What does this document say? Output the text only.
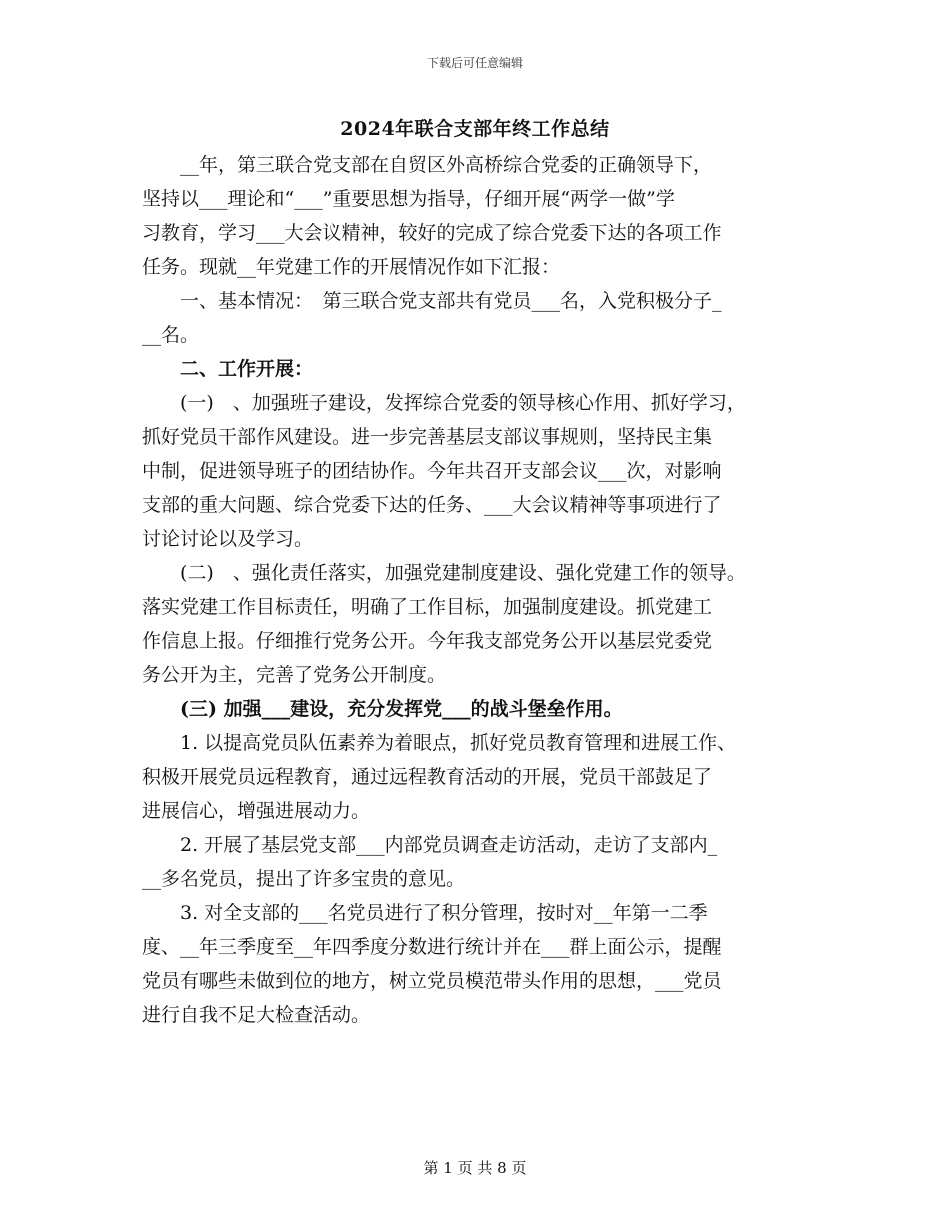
下载后可任意编辑
2024年联合支部年终工作总结
　　__年，第三联合党支部在自贸区外高桥综合党委的正确领导下，
坚持以___理论和“___”重要思想为指导，仔细开展“两学一做”学
习教育，学习___大会议精神，较好的完成了综合党委下达的各项工作
任务。现就__年党建工作的开展情况作如下汇报：
　　一、基本情况：　第三联合党支部共有党员___名，入党积极分子_
__名。
　　二、工作开展：
　　(一)　、加强班子建设，发挥综合党委的领导核心作用、抓好学习，
抓好党员干部作风建设。进一步完善基层支部议事规则，坚持民主集
中制，促进领导班子的团结协作。今年共召开支部会议___次，对影响
支部的重大问题、综合党委下达的任务、___大会议精神等事项进行了
讨论讨论以及学习。
　　(二)　、强化责任落实，加强党建制度建设、强化党建工作的领导。
落实党建工作目标责任，明确了工作目标，加强制度建设。抓党建工
作信息上报。仔细推行党务公开。今年我支部党务公开以基层党委党
务公开为主，完善了党务公开制度。
　　(三) 加强___建设，充分发挥党___的战斗堡垒作用。
　　1. 以提高党员队伍素养为着眼点，抓好党员教育管理和进展工作、
积极开展党员远程教育，通过远程教育活动的开展，党员干部鼓足了
进展信心，增强进展动力。
　　2. 开展了基层党支部___内部党员调查走访活动，走访了支部内_
__多名党员，提出了许多宝贵的意见。
　　3. 对全支部的___名党员进行了积分管理，按时对__年第一二季
度、__年三季度至__年四季度分数进行统计并在___群上面公示，提醒
党员有哪些未做到位的地方，树立党员模范带头作用的思想，___党员
进行自我不足大检查活动。
第 1 页 共 8 页
